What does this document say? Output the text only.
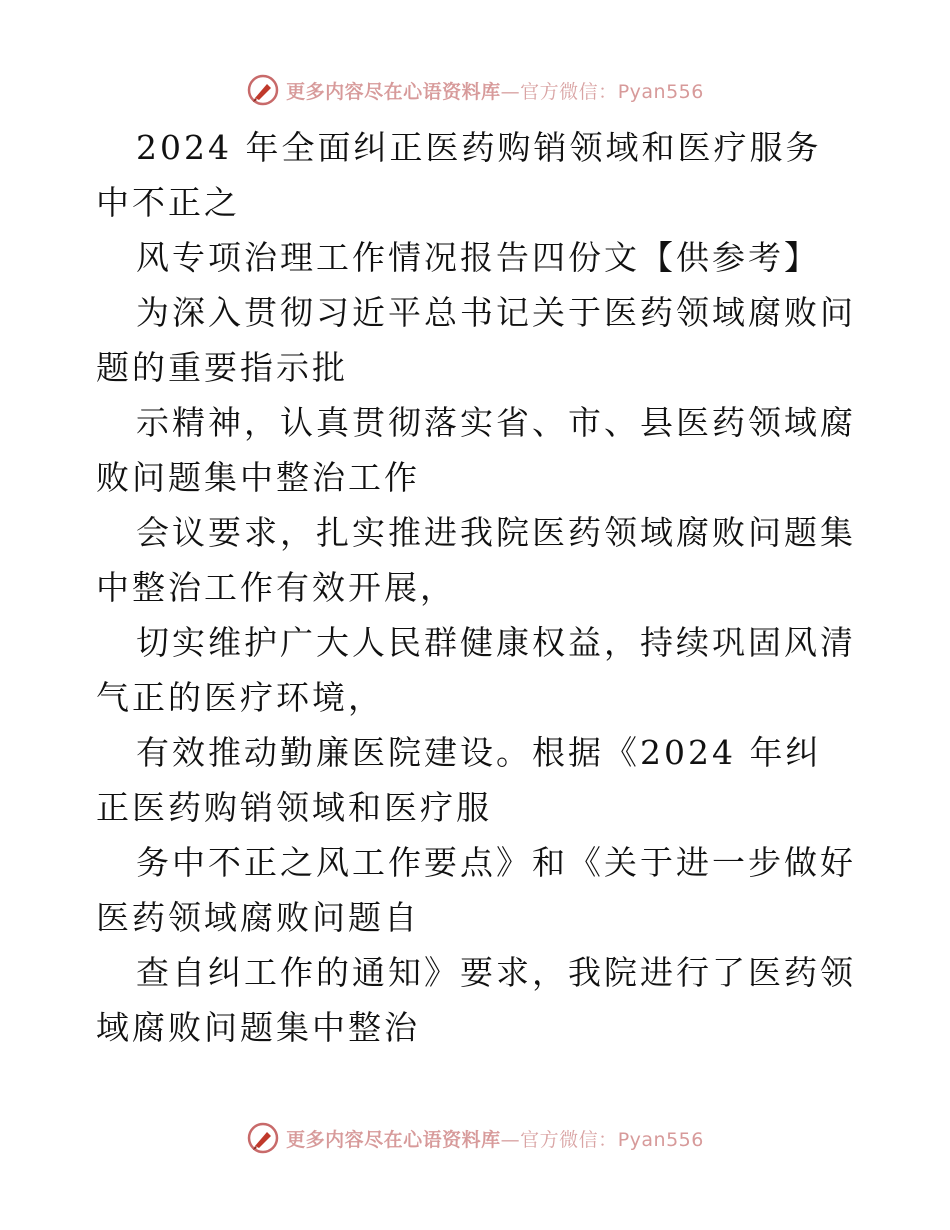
更多内容尽在心语资料库—官方微信：Pyan556

2024 年全面纠正医药购销领域和医疗服务中不正之

风专项治理工作情况报告四份文【供参考】

为深入贯彻习近平总书记关于医药领域腐败问题的重要指示批

示精神，认真贯彻落实省、市、县医药领域腐败问题集中整治工作

会议要求，扎实推进我院医药领域腐败问题集中整治工作有效开展，

切实维护广大人民群健康权益，持续巩固风清气正的医疗环境，

有效推动勤廉医院建设。根据《2024 年纠正医药购销领域和医疗服

务中不正之风工作要点》和《关于进一步做好医药领域腐败问题自

查自纠工作的通知》要求，我院进行了医药领域腐败问题集中整治

更多内容尽在心语资料库—官方微信：Pyan556
